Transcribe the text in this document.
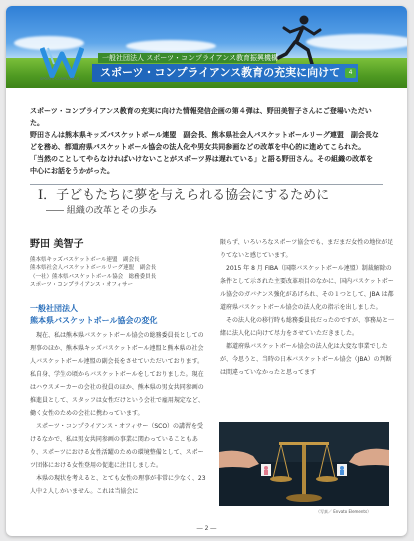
SPORTS COMPLIANCE
一般社団法人 スポーツ・コンプライアンス教育振興機構
スポーツ・コンプライアンス教育の充実に向けて	4

スポーツ・コンプライアンス教育の充実に向けた情報発信企画の第４弾は、野田美智子さんにご登場いただいた。

野田さんは熊本県キッズバスケットボール連盟　副会長、熊本県社会人バスケットボールリーグ連盟　副会長な

どを務め、都道府県バスケットボール協会の法人化や男女共同参画などの改革を中心的に進めてこられた。

「当然のことしてやらなければいけないことがスポーツ界は遅れている」と語る野田さん。その組織の改革を

中心にお話をうかがった。

Ⅰ．子どもたちに夢を与えられる協会にするために
―― 組織の改革とその歩み
野田 美智子
熊本県キッズバスケットボール連盟　副会長
熊本県社会人バスケットボールリーグ連盟　副会長
（一社）熊本県バスケットボール協会　総務委員長
スポーツ・コンプライアンス・オフィサー
一般社団法人
熊本県バスケットボール協会の変化

現在、私は熊本県バスケットボール協会の総務委員長としての理事のほか、熊本県キッズバスケットボール連盟と熊本県の社会人バスケットボール連盟の副会長をさせていただいております。私自身、学生の頃からバスケットボールをしておりました。現在はハウスメーカーの会社の役員のほか、熊本県の男女共同参画の推進員として、スタッフは女性だけという会社で雇用規定など、働く女性のための会社に携わっています。

スポーツ・コンプライアンス・オフィサー（SCO）の講習を受けるなかで、私は男女共同参画の事業に関わっていることもあり、スポーツにおける女性活躍のための環境整備として、スポーツ団体における女性登用の促進に注目しました。

本県の現状を考えると、とても女性の理事が非常に少なく、23 人中２人しかいません。これは当協会に

限らず、いろいろなスポーツ協会でも、まだまだ女性の地位が足りてないと感じています。

2015 年 8 月 FIBA（国際バスケットボール連盟）制裁解除の条件として示された主要改革項目のなかに、国内バスケットボール協会のガバナンス強化があげられ、その１つとして、JBA は都道府県バスケットボール協会の法人化の指示を出しました。

その法人化の移行時も総務委員長だったのですが、事務局と一緒に法人化に向けて尽力をさせていただきました。

都道府県バスケットボール協会の法人化は大変な事業でしたが、今思うと、当時の日本バスケットボール協会（JBA）の判断は間違っていなかったと思ってます

（写真／ Envato Elements）
― 2 ―
